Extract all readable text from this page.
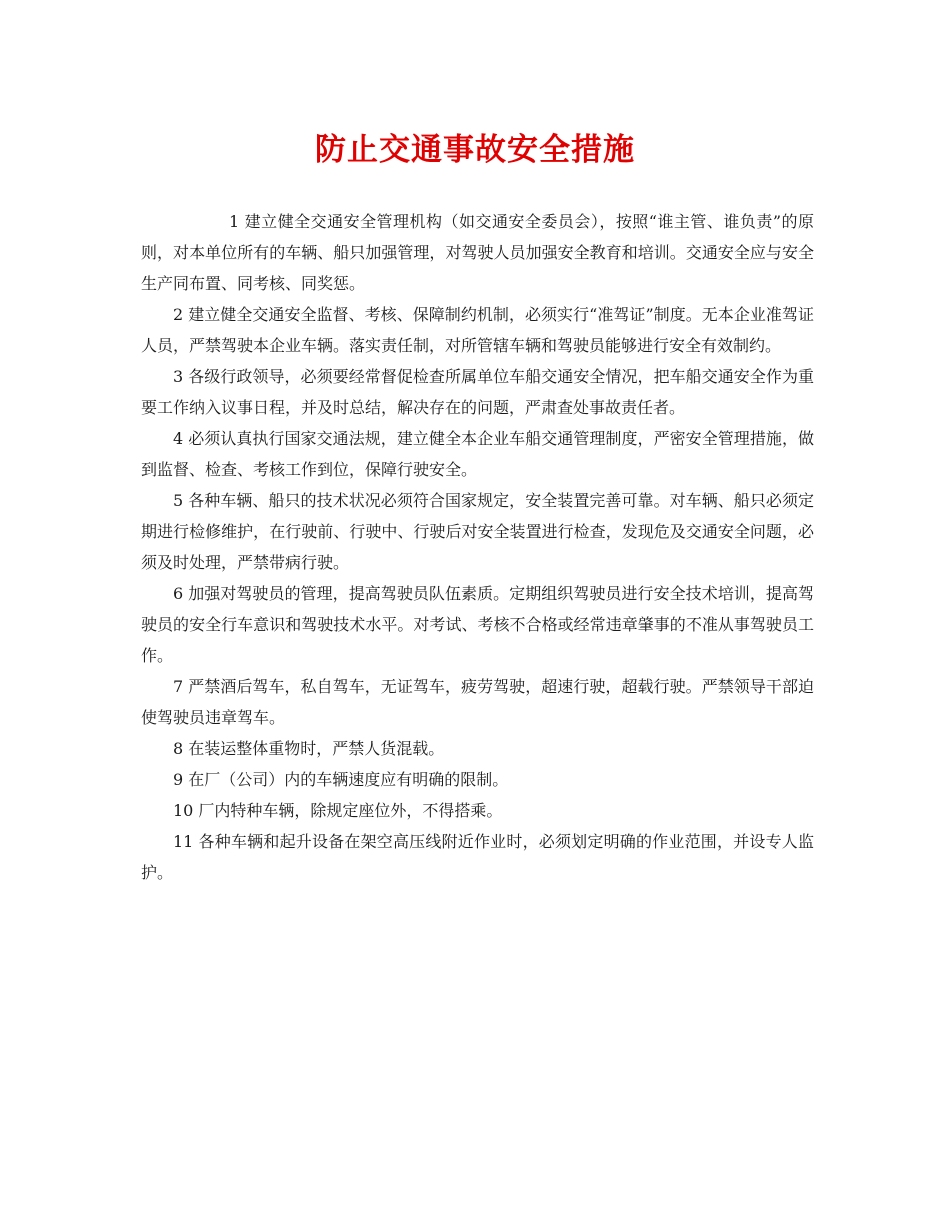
防止交通事故安全措施

1 建立健全交通安全管理机构（如交通安全委员会），按照“谁主管、谁负责”的原则，对本单位所有的车辆、船只加强管理，对驾驶人员加强安全教育和培训。交通安全应与安全生产同布置、同考核、同奖惩。

2 建立健全交通安全监督、考核、保障制约机制，必须实行“准驾证”制度。无本企业准驾证人员，严禁驾驶本企业车辆。落实责任制，对所管辖车辆和驾驶员能够进行安全有效制约。

3 各级行政领导，必须要经常督促检查所属单位车船交通安全情况，把车船交通安全作为重要工作纳入议事日程，并及时总结，解决存在的问题，严肃查处事故责任者。

4 必须认真执行国家交通法规，建立健全本企业车船交通管理制度，严密安全管理措施，做到监督、检查、考核工作到位，保障行驶安全。

5 各种车辆、船只的技术状况必须符合国家规定，安全装置完善可靠。对车辆、船只必须定期进行检修维护，在行驶前、行驶中、行驶后对安全装置进行检查，发现危及交通安全问题，必须及时处理，严禁带病行驶。

6 加强对驾驶员的管理，提高驾驶员队伍素质。定期组织驾驶员进行安全技术培训，提高驾驶员的安全行车意识和驾驶技术水平。对考试、考核不合格或经常违章肇事的不准从事驾驶员工作。

7 严禁酒后驾车，私自驾车，无证驾车，疲劳驾驶，超速行驶，超载行驶。严禁领导干部迫使驾驶员违章驾车。

8 在装运整体重物时，严禁人货混载。

9 在厂（公司）内的车辆速度应有明确的限制。

10 厂内特种车辆，除规定座位外，不得搭乘。

11 各种车辆和起升设备在架空高压线附近作业时，必须划定明确的作业范围，并设专人监护。
